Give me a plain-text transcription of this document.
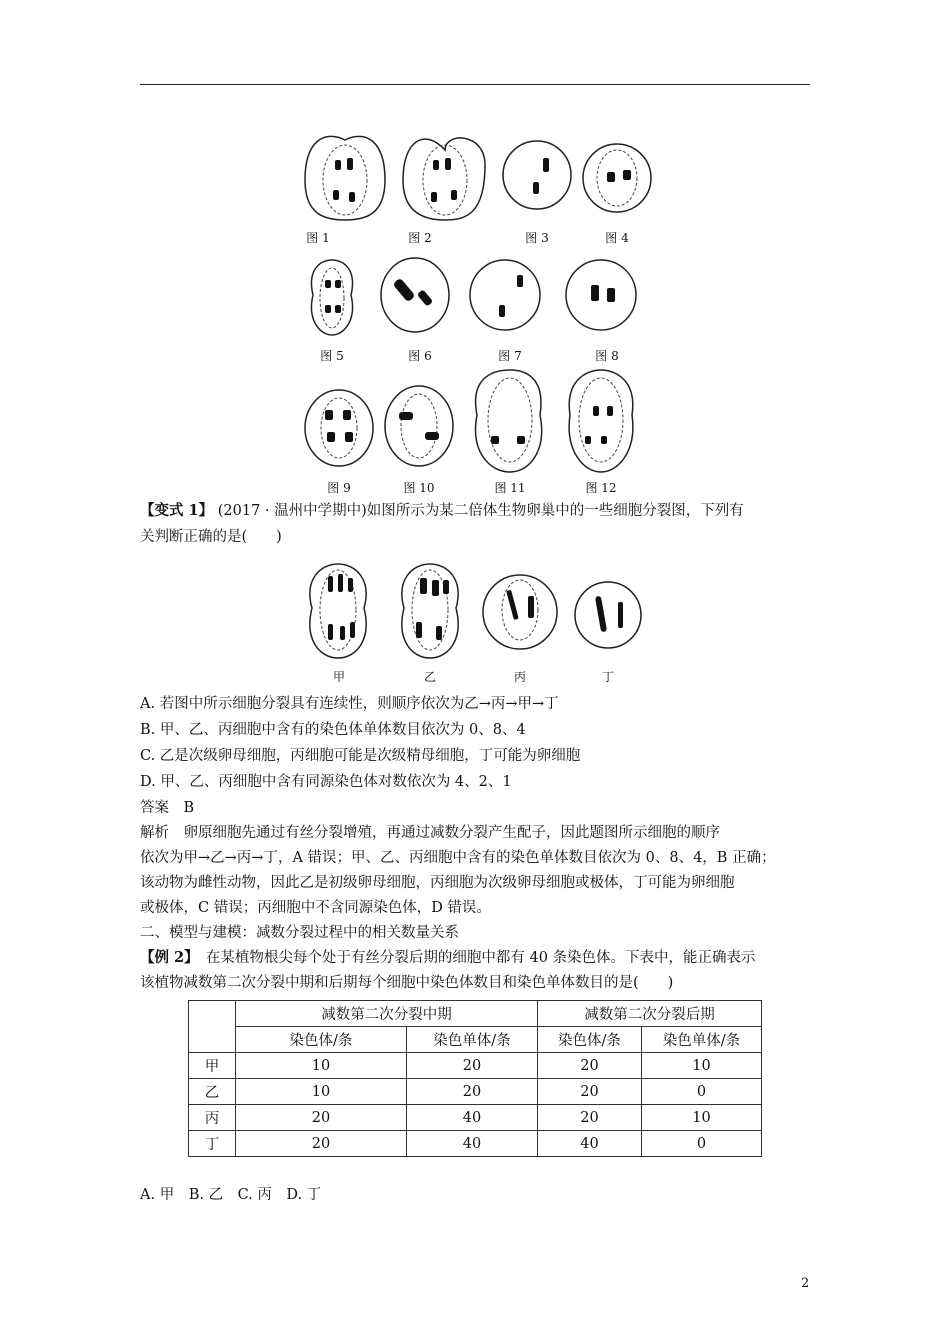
图 1	图 2	图 3	图 4
图 5	图 6	图 7	图 8
图 9	图 10	图 11	图 12
【变式 1】 (2017 · 温州中学期中)如图所示为某二倍体生物卵巢中的一些细胞分裂图，下列有
关判断正确的是(　　)
甲	乙	丙	丁
A. 若图中所示细胞分裂具有连续性，则顺序依次为乙→丙→甲→丁
B. 甲、乙、丙细胞中含有的染色体单体数目依次为 0、8、4
C. 乙是次级卵母细胞，丙细胞可能是次级精母细胞，丁可能为卵细胞
D. 甲、乙、丙细胞中含有同源染色体对数依次为 4、2、1
答案　B
解析　卵原细胞先通过有丝分裂增殖，再通过减数分裂产生配子，因此题图所示细胞的顺序
依次为甲→乙→丙→丁，A 错误；甲、乙、丙细胞中含有的染色单体数目依次为 0、8、4，B 正确；
该动物为雌性动物，因此乙是初级卵母细胞，丙细胞为次级卵母细胞或极体，丁可能为卵细胞
或极体，C 错误；丙细胞中不含同源染色体，D 错误。
二、模型与建模：减数分裂过程中的相关数量关系
【例 2】　在某植物根尖每个处于有丝分裂后期的细胞中都有 40 条染色体。下表中，能正确表示
该植物减数第二次分裂中期和后期每个细胞中染色体数目和染色单体数目的是(　　)
	减数第二次分裂中期		减数第二次分裂后期	
	染色体/条	染色单体/条	染色体/条	染色单体/条
甲	10	20	20	10
乙	10	20	20	0
丙	20	40	20	10
丁	20	40	40	0
A. 甲　B. 乙　C. 丙　D. 丁
2
